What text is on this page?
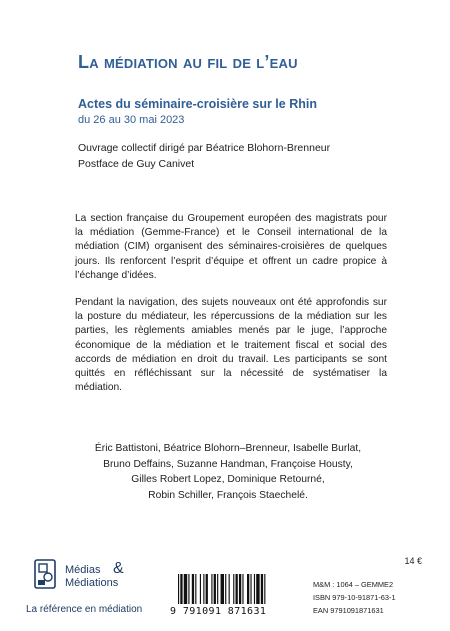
La médiation au fil de l’eau
Actes du séminaire-croisière sur le Rhin
du 26 au 30 mai 2023
Ouvrage collectif dirigé par Béatrice Blohorn-Brenneur
Postface de Guy Canivet

La section française du Groupement européen des magistrats pour la médiation (Gemme-France) et le Conseil international de la médiation (CIM) organisent des séminaires-croisières de quelques jours. Ils renforcent l’esprit d’équipe et offrent un cadre propice à l’échange d’idées.

Pendant la navigation, des sujets nouveaux ont été approfondis sur la posture du médiateur, les répercussions de la médiation sur les parties, les règlements amiables menés par le juge, l’approche économique de la médiation et le traitement fiscal et social des accords de médiation en droit du travail. Les participants se sont quittés en réfléchissant sur la nécessité de systématiser la médiation.

Éric Battistoni, Béatrice Blohorn–Brenneur, Isabelle Burlat,
Bruno Deffains, Suzanne Handman, Françoise Housty,
Gilles Robert Lopez, Dominique Retourné,
Robin Schiller, François Staechelé.
Médias
Médiations
&
La référence en médiation	9 791091 871631
14 €
M&M : 1064 – GEMME2
ISBN 979-10-91871-63-1
EAN 9791091871631
